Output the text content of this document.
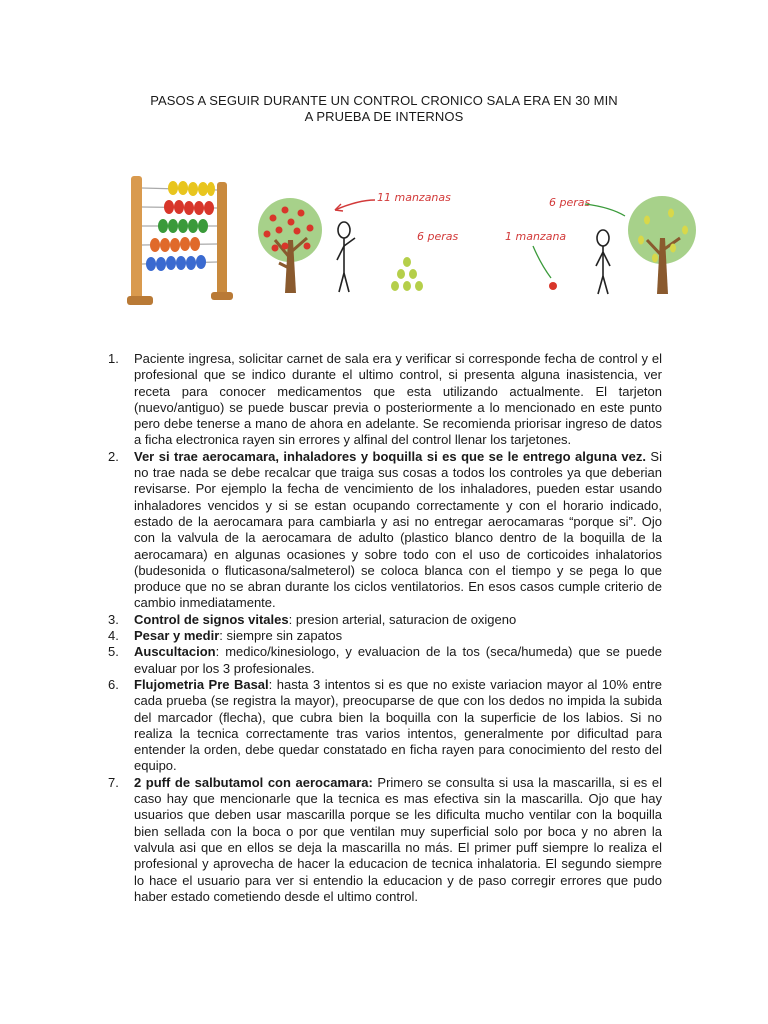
PASOS A SEGUIR DURANTE UN CONTROL CRONICO SALA ERA EN 30 MIN
A PRUEBA DE INTERNOS
11 manzanas
6 peras	1 manzana
6 peras
1. Paciente ingresa, solicitar carnet de sala era y verificar si corresponde fecha de control y el profesional que se indico durante el ultimo control, si presenta alguna inasistencia, ver receta para conocer medicamentos que esta utilizando actualmente. El tarjeton (nuevo/antiguo) se puede buscar previa o posteriormente a lo mencionado en este punto pero debe tenerse a mano de ahora en adelante. Se recomienda priorisar ingreso de datos a ficha electronica rayen sin errores y alfinal del control llenar los tarjetones.
2. Ver si trae aerocamara, inhaladores y boquilla si es que se le entrego alguna vez. Si no trae nada se debe recalcar que traiga sus cosas a todos los controles ya que deberian revisarse. Por ejemplo la fecha de vencimiento de los inhaladores, pueden estar usando inhaladores vencidos y si se estan ocupando correctamente y con el horario indicado, estado de la aerocamara para cambiarla y asi no entregar aerocamaras “porque si”. Ojo con la valvula de la aerocamara de adulto (plastico blanco dentro de la boquilla de la aerocamara) en algunas ocasiones y sobre todo con el uso de corticoides inhalatorios (budesonida o fluticasona/salmeterol) se coloca blanca con el tiempo y se pega lo que produce que no se abran durante los ciclos ventilatorios. En esos casos cumple criterio de cambio inmediatamente.
3. Control de signos vitales: presion arterial, saturacion de oxigeno
4. Pesar y medir: siempre sin zapatos
5. Auscultacion: medico/kinesiologo, y evaluacion de la tos (seca/humeda) que se puede evaluar por los 3 profesionales.
6. Flujometria Pre Basal: hasta 3 intentos si es que no existe variacion mayor al 10% entre cada prueba (se registra la mayor), preocuparse de que con los dedos no impida la subida del marcador (flecha), que cubra bien la boquilla con la superficie de los labios. Si no realiza la tecnica correctamente tras varios intentos, generalmente por dificultad para entender la orden, debe quedar constatado en ficha rayen para conocimiento del resto del equipo.
7. 2 puff de salbutamol con aerocamara: Primero se consulta si usa la mascarilla, si es el caso hay que mencionarle que la tecnica es mas efectiva sin la mascarilla. Ojo que hay usuarios que deben usar mascarilla porque se les dificulta mucho ventilar con la boquilla bien sellada con la boca o por que ventilan muy superficial solo por boca y no abren la valvula asi que en ellos se deja la mascarilla no más. El primer puff siempre lo realiza el profesional y aprovecha de hacer la educacion de tecnica inhalatoria. El segundo siempre lo hace el usuario para ver si entendio la educacion y de paso corregir errores que pudo haber estado cometiendo desde el ultimo control.
